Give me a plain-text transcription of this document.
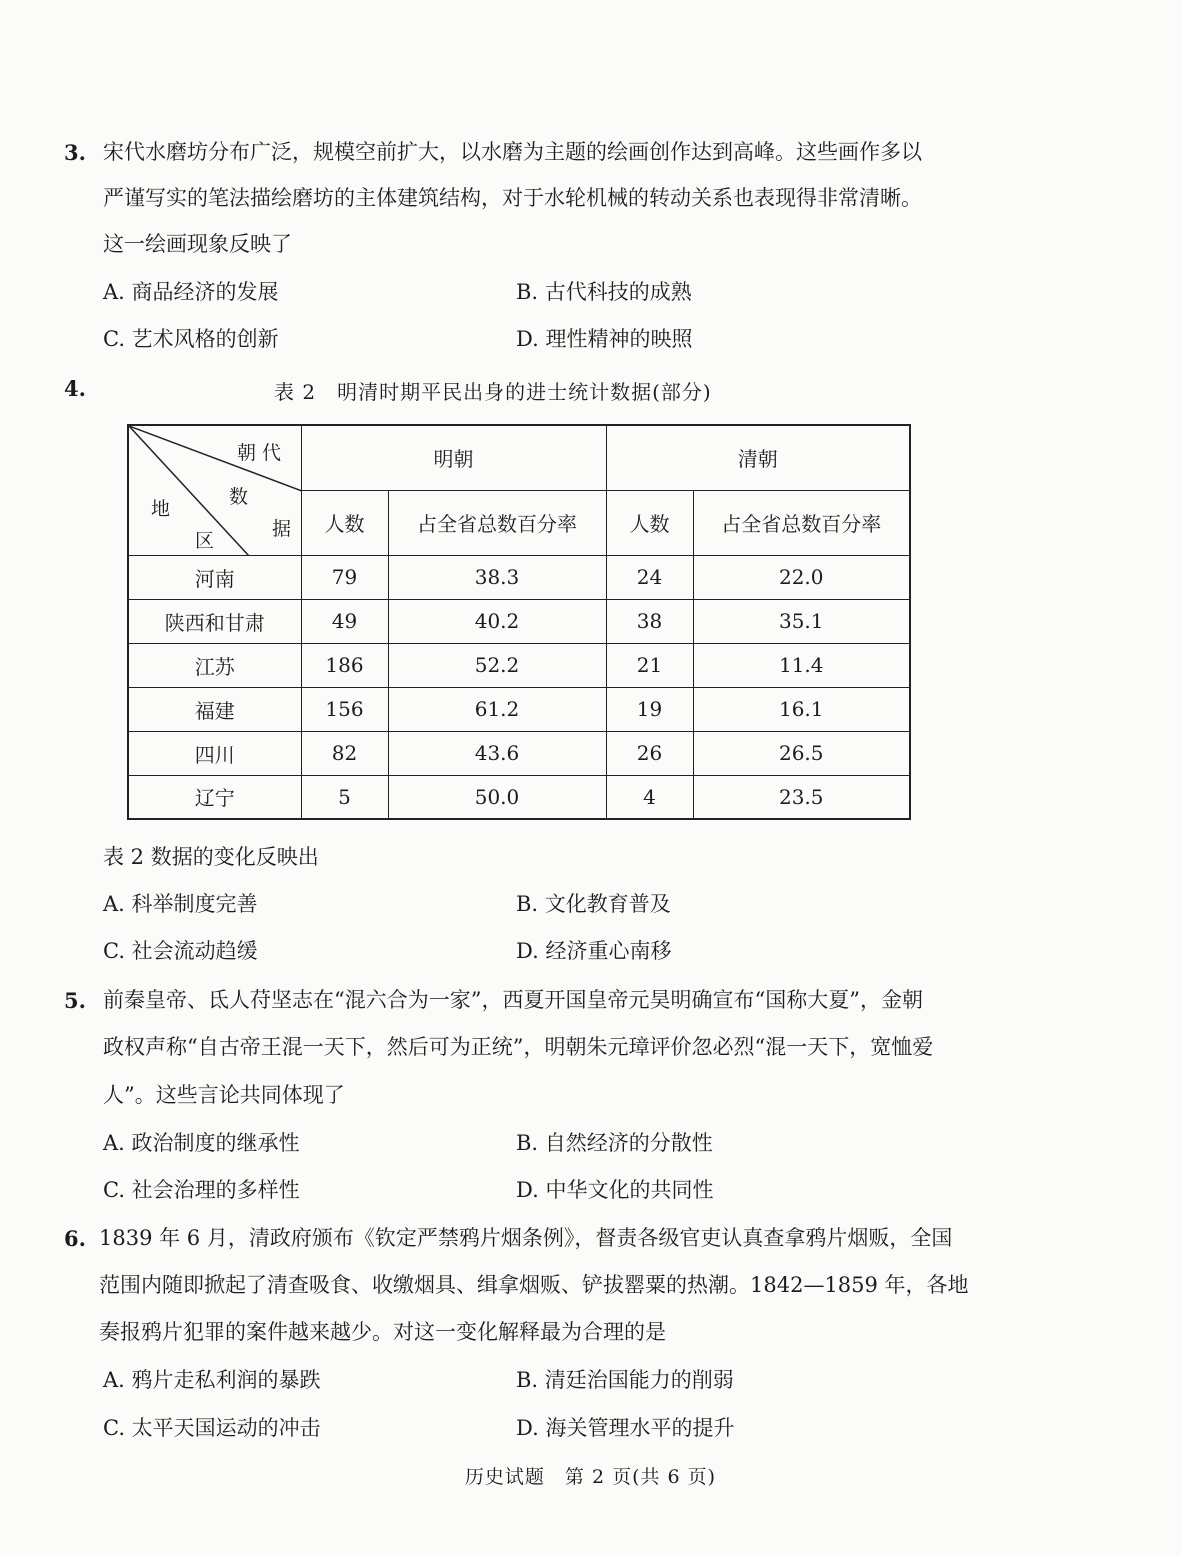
3. 宋代水磨坊分布广泛，规模空前扩大，以水磨为主题的绘画创作达到高峰。这些画作多以
严谨写实的笔法描绘磨坊的主体建筑结构，对于水轮机械的转动关系也表现得非常清晰。
这一绘画现象反映了
A. 商品经济的发展	B. 古代科技的成熟
C. 艺术风格的创新	D. 理性精神的映照
4.	表 2　明清时期平民出身的进士统计数据(部分)
朝 代
数
据
地
区	明朝		清朝	
	人数	占全省总数百分率	人数	占全省总数百分率
河南	79	38.3	24	22.0
陕西和甘肃	49	40.2	38	35.1
江苏	186	52.2	21	11.4
福建	156	61.2	19	16.1
四川	82	43.6	26	26.5
辽宁	5	50.0	4	23.5
表 2 数据的变化反映出
A. 科举制度完善	B. 文化教育普及
C. 社会流动趋缓	D. 经济重心南移
5. 前秦皇帝、氐人苻坚志在“混六合为一家”，西夏开国皇帝元昊明确宣布“国称大夏”，金朝
政权声称“自古帝王混一天下，然后可为正统”，明朝朱元璋评价忽必烈“混一天下，宽恤爱
人”。这些言论共同体现了
A. 政治制度的继承性	B. 自然经济的分散性
C. 社会治理的多样性	D. 中华文化的共同性
6. 1839 年 6 月，清政府颁布《钦定严禁鸦片烟条例》，督责各级官吏认真查拿鸦片烟贩，全国
范围内随即掀起了清查吸食、收缴烟具、缉拿烟贩、铲拔罂粟的热潮。1842—1859 年，各地
奏报鸦片犯罪的案件越来越少。对这一变化解释最为合理的是
A. 鸦片走私利润的暴跌	B. 清廷治国能力的削弱
C. 太平天国运动的冲击	D. 海关管理水平的提升
历史试题　第 2 页(共 6 页)
